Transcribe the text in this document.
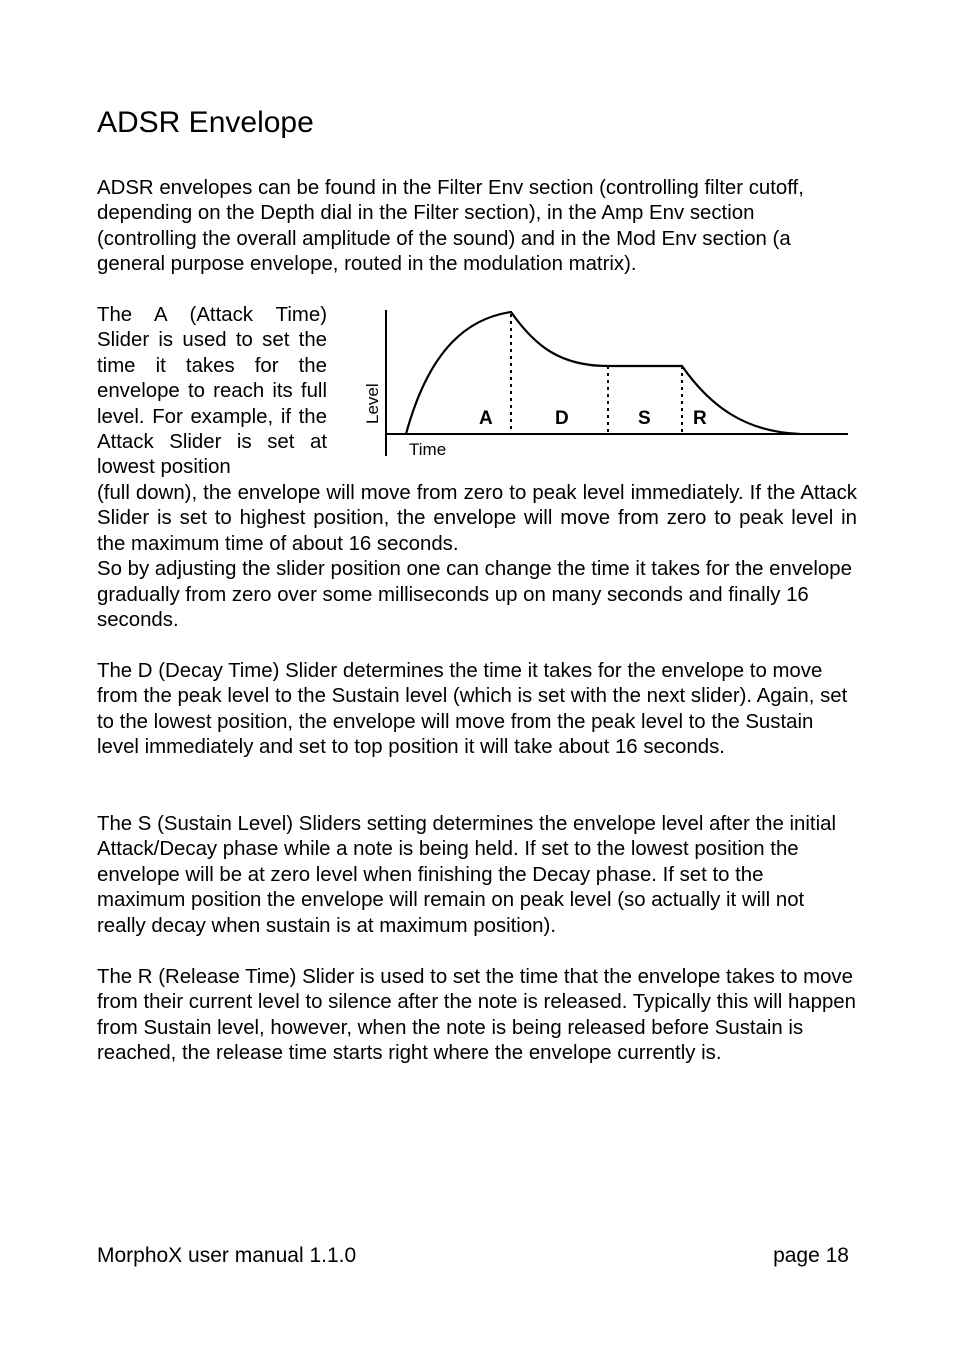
ADSR Envelope

ADSR envelopes can be found in the Filter Env section (controlling filter cutoff, depending on the Depth dial in the Filter section), in the Amp Env section (controlling the overall amplitude of the sound) and in the Mod Env section (a general purpose envelope, routed in the modulation matrix).

The A (Attack Time) Slider is used to set the time it takes for the envelope to reach its full level. For example, if the Attack Slider is set at lowest position

Level
Time
A	D	S R

(full down), the envelope will move from zero to peak level immediately. If the Attack Slider is set to highest position, the envelope will move from zero to peak level in the maximum time of about 16 seconds.

So by adjusting the slider position one can change the time it takes for the envelope gradually from zero over some milliseconds up on many seconds and finally 16 seconds.

The D (Decay Time) Slider determines the time it takes for the envelope to move from the peak level to the Sustain level (which is set with the next slider). Again, set to the lowest position, the envelope will move from the peak level to the Sustain level immediately and set to top position it will take about 16 seconds.

The S (Sustain Level) Sliders setting determines the envelope level after the initial Attack/Decay phase while a note is being held. If set to the lowest position the envelope will be at zero level when finishing the Decay phase. If set to the maximum position the envelope will remain on peak level (so actually it will not really decay when sustain is at maximum position).

The R (Release Time) Slider is used to set the time that the envelope takes to move from their current level to silence after the note is released. Typically this will happen from Sustain level, however, when the note is being released before Sustain is reached, the release time starts right where the envelope currently is.

MorphoX user manual 1.1.0	page 18
